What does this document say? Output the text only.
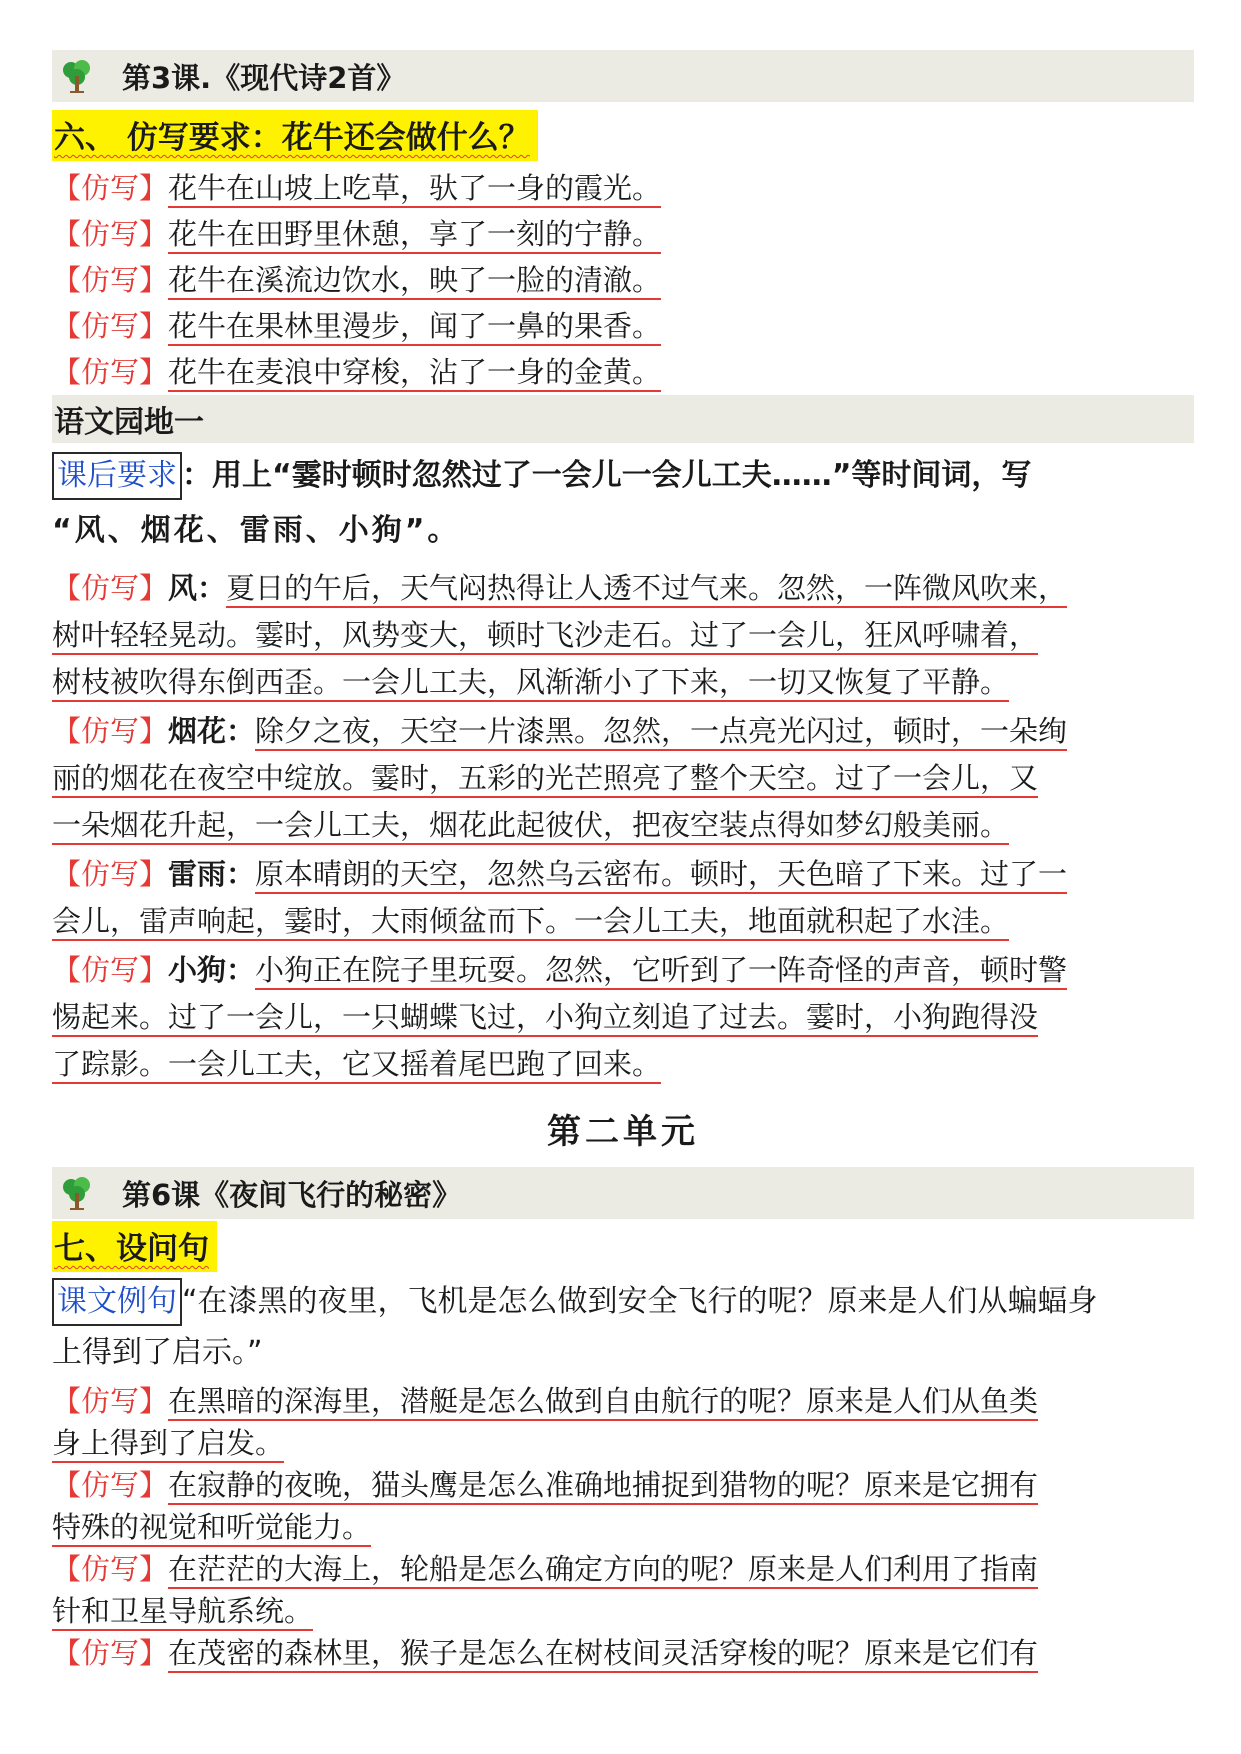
第3课.《现代诗2首》
六、 仿写要求：花牛还会做什么？
【仿写】花牛在山坡上吃草，驮了一身的霞光。
【仿写】花牛在田野里休憩，享了一刻的宁静。
【仿写】花牛在溪流边饮水，映了一脸的清澈。
【仿写】花牛在果林里漫步，闻了一鼻的果香。
【仿写】花牛在麦浪中穿梭，沾了一身的金黄。
语文园地一
课后要求 ：用上“霎时顿时忽然过了一会儿一会儿工夫……”等时间词，写
“风、烟花、雷雨、小狗”。
【仿写】风：夏日的午后，天气闷热得让人透不过气来。忽然，一阵微风吹来，
树叶轻轻晃动。霎时，风势变大，顿时飞沙走石。过了一会儿，狂风呼啸着，
树枝被吹得东倒西歪。一会儿工夫，风渐渐小了下来，一切又恢复了平静。
【仿写】烟花：除夕之夜，天空一片漆黑。忽然，一点亮光闪过，顿时，一朵绚
丽的烟花在夜空中绽放。霎时，五彩的光芒照亮了整个天空。过了一会儿，又
一朵烟花升起，一会儿工夫，烟花此起彼伏，把夜空装点得如梦幻般美丽。
【仿写】雷雨：原本晴朗的天空，忽然乌云密布。顿时，天色暗了下来。过了一
会儿，雷声响起，霎时，大雨倾盆而下。一会儿工夫，地面就积起了水洼。
【仿写】小狗：小狗正在院子里玩耍。忽然，它听到了一阵奇怪的声音，顿时警
惕起来。过了一会儿，一只蝴蝶飞过，小狗立刻追了过去。霎时，小狗跑得没
了踪影。一会儿工夫，它又摇着尾巴跑了回来。
第二单元
第6课《夜间飞行的秘密》
七、设问句
课文例句 “在漆黑的夜里，飞机是怎么做到安全飞行的呢？原来是人们从蝙蝠身
上得到了启示。”
【仿写】在黑暗的深海里，潜艇是怎么做到自由航行的呢？原来是人们从鱼类
身上得到了启发。
【仿写】在寂静的夜晚，猫头鹰是怎么准确地捕捉到猎物的呢？原来是它拥有
特殊的视觉和听觉能力。
【仿写】在茫茫的大海上，轮船是怎么确定方向的呢？原来是人们利用了指南
针和卫星导航系统。
【仿写】在茂密的森林里，猴子是怎么在树枝间灵活穿梭的呢？原来是它们有
